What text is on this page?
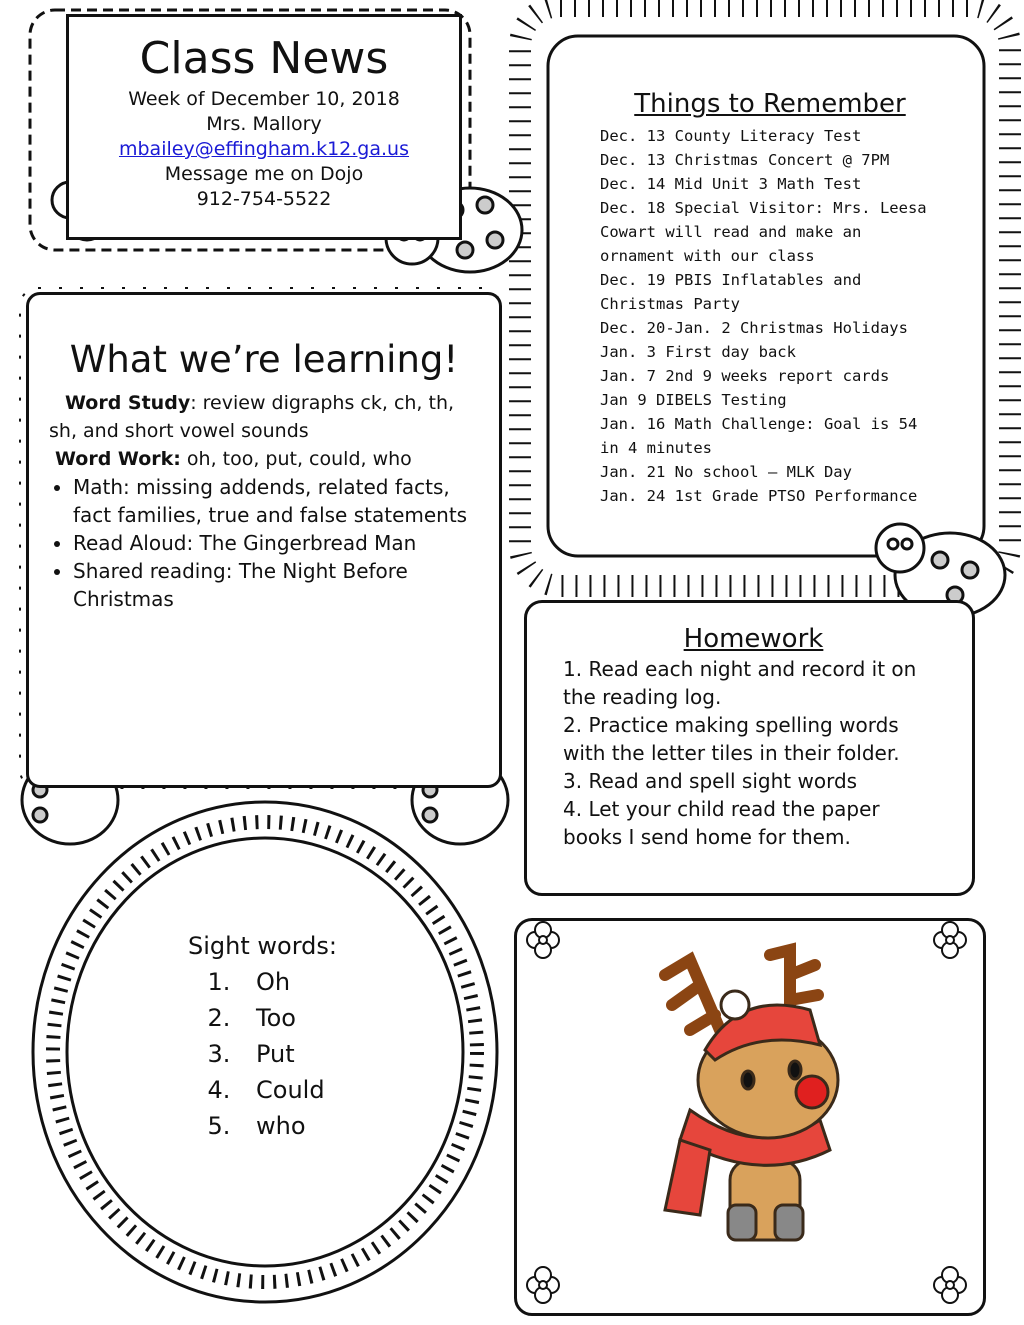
Class News
Week of December 10, 2018
Mrs. Mallory
mbailey@effingham.k12.ga.us
Message me on Dojo
912-754-5522
Things to Remember
Dec. 13 County Literacy Test
Dec. 13 Christmas Concert @ 7PM
Dec. 14 Mid Unit 3 Math Test
Dec. 18 Special Visitor: Mrs. Leesa Cowart will read and make an ornament with our class
Dec. 19 PBIS Inflatables and Christmas Party
Dec. 20-Jan. 2 Christmas Holidays
Jan. 3 First day back
Jan. 7 2nd 9 weeks report cards
Jan 9 DIBELS Testing
Jan. 16 Math Challenge: Goal is 54 in 4 minutes
Jan. 21 No school – MLK Day
Jan. 24 1st Grade PTSO Performance
What we’re learning!
Word Study: review digraphs ck, ch, th, sh, and short vowel sounds
Word Work: oh, too, put, could, who
• Math: missing addends, related facts, fact families, true and false statements
• Read Aloud: The Gingerbread Man
• Shared reading: The Night Before Christmas
Homework
1. Read each night and record it on the reading log.
2. Practice making spelling words with the letter tiles in their folder.
3. Read and spell sight words
4. Let your child read the paper books I send home for them.
Sight words:
1. Oh
2. Too
3. Put
4. Could
5. who
